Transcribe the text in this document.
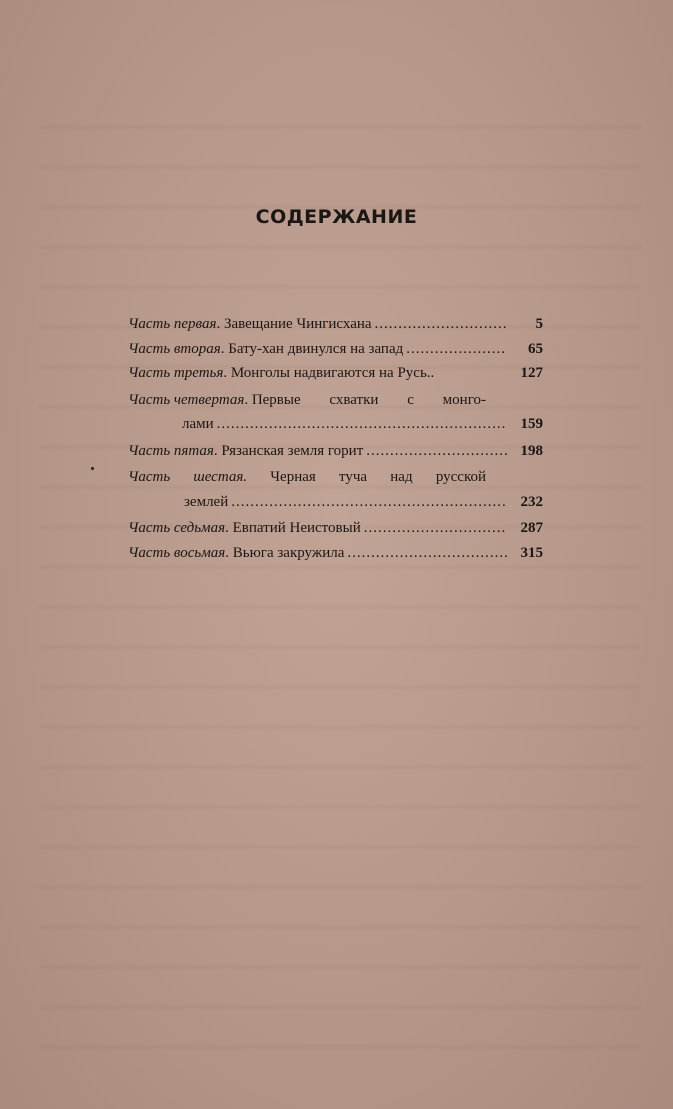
СОДЕРЖАНИЕ
Часть первая . Завещание Чингисхана .....	5
Часть вторая . Бату-хан двинулся на запад .....	65
Часть третья . Монголы надвигаются на Русь..	127
Часть четвертая. Первые схватки с монго-
лами .....	159
Часть пятая . Рязанская земля горит .....	198
Часть шестая. Черная туча над русской
землей .....	232
Часть седьмая . Евпатий Неистовый .....	287
Часть восьмая . Вьюга закружила .....	315
